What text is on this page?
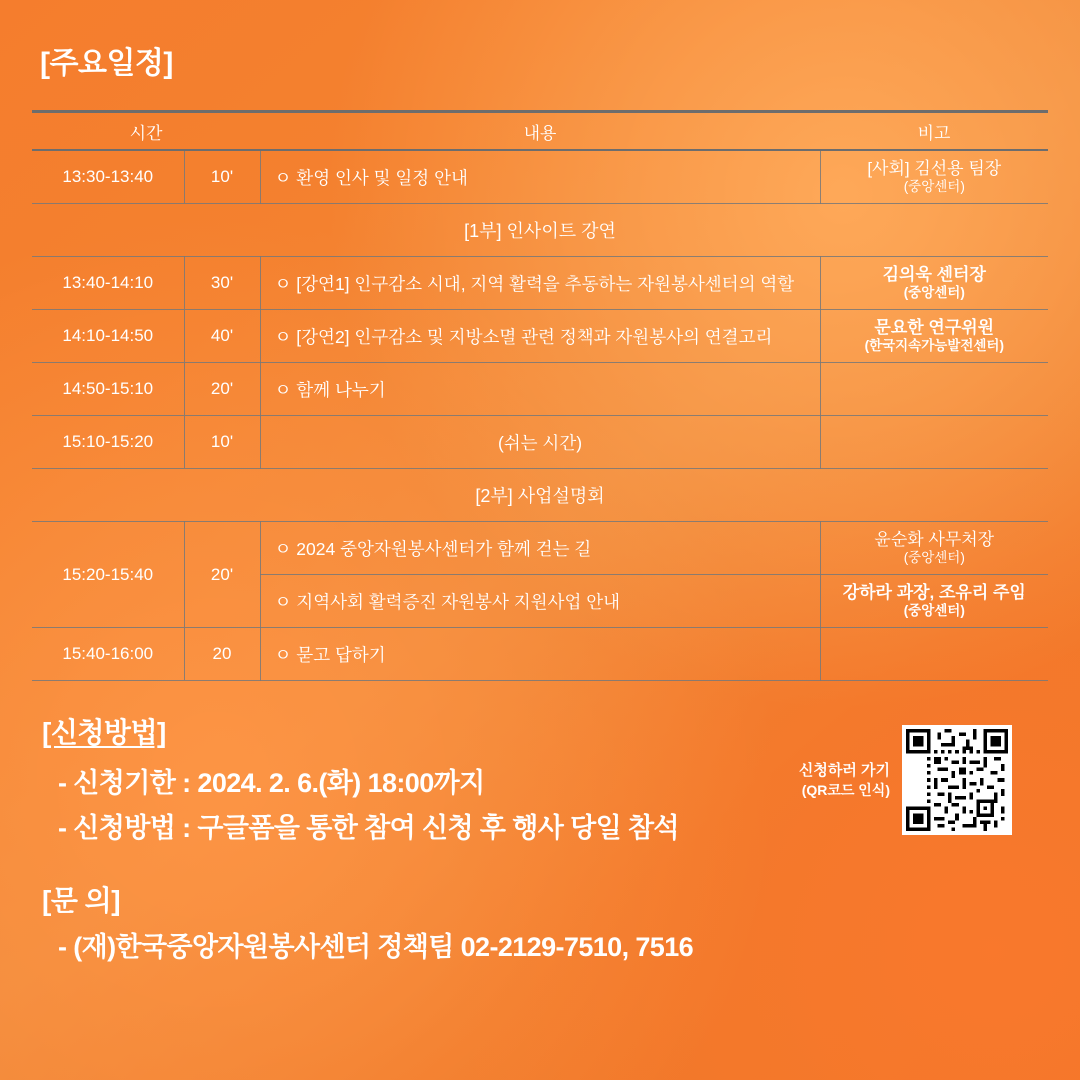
[주요일정]
시간		내용	비고
13:30-13:40	10'	ㅇ 환영 인사 및 일정 안내	[사회] 김선용 팀장
(중앙센터)

[1부] 인사이트 강연			
13:40-14:10	30'	ㅇ [강연1] 인구감소 시대, 지역 활력을 추동하는 자원봉사센터의 역할	김의욱 센터장
(중앙센터)

14:10-14:50	40'	ㅇ [강연2] 인구감소 및 지방소멸 관련 정책과 자원봉사의 연결고리	문요한 연구위원
(한국지속가능발전센터)

14:50-15:10	20'	ㅇ 함께 나누기	
15:10-15:20	10'	(쉬는 시간)	
[2부] 사업설명회			
15:20-15:40	20'	ㅇ 2024 중앙자원봉사센터가 함께 걷는 길	윤순화 사무처장
(중앙센터)

		ㅇ 지역사회 활력증진 자원봉사 지원사업 안내	강하라 과장, 조유리 주임
(중앙센터)

15:40-16:00	20	ㅇ 묻고 답하기	
[신청방법]
- 신청기한 : 2024. 2. 6.(화) 18:00까지
- 신청방법 : 구글폼을 통한 참여 신청 후 행사 당일 참석
신청하러 가기
(QR코드 인식)
[문 의]
- (재)한국중앙자원봉사센터 정책팀 02-2129-7510, 7516
